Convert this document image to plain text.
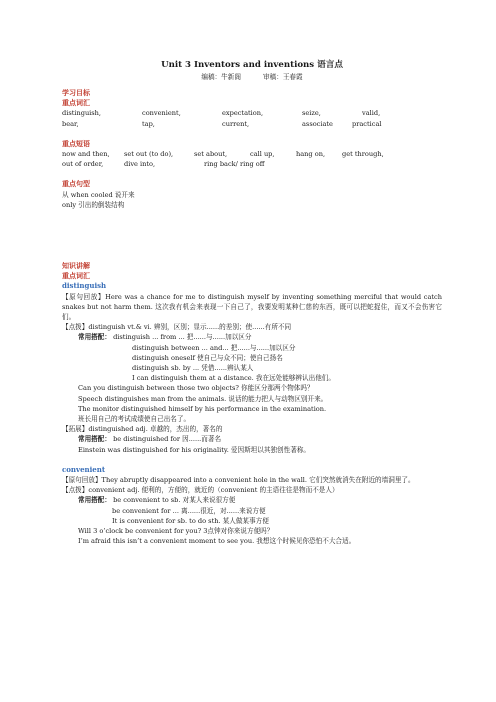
Unit 3 Inventors and inventions 语言点
编稿：牛新阁	审稿：王春霞
学习目标
重点词汇
distinguish,	convenient,	expectation,	seize,	valid,
bear,	tap,	current,	associate	practical
重点短语
now and then,	set out (to do),	set about,	call up,	hang on,	get through,
out of order,	dive into,	ring back/ ring off
重点句型
从 when cooled 说开来
only 引出的倒装结构
知识讲解
重点词汇
distinguish
【原句回放】Here was a chance for me to distinguish myself by inventing something merciful that would catch snakes but not harm them. 这次我有机会来表现一下自己了，我要发明某种仁慈的东西，既可以把蛇捉住，而又不会伤害它们。
【点拨】distinguish vt.& vi. 辨别，区别；显示......的差别；使......有所不同
常用搭配： distinguish ... from ... 把......与......加以区分
distinguish between ... and... 把......与......加以区分
distinguish oneself 使自己与众不同；使自己扬名
distinguish sb. by ... 凭借......辨认某人
I can distinguish them at a distance. 我在远处能够辨认出他们。
Can you distinguish between those two objects? 你能区分那两个物体吗？
Speech distinguishes man from the animals. 说话的能力把人与动物区别开来。
The monitor distinguished himself by his performance in the examination.
班长用自己的考试成绩使自己出名了。
【拓展】distinguished adj. 卓越的，杰出的，著名的
常用搭配： be distinguished for 因......而著名
Einstein was distinguished for his originality. 爱因斯坦以其独创性著称。
convenient
【原句回放】They abruptly disappeared into a convenient hole in the wall. 它们突然就消失在附近的墙洞里了。
【点拨】convenient adj. 便利的，方便的，就近的（convenient 的主语往往是物而不是人）
常用搭配： be convenient to sb. 对某人来说很方便
be convenient for ... 离......很近，对......来说方便
It is convenient for sb. to do sth. 某人做某事方便
Will 3 o’clock be convenient for you? 3点钟对你来说方便吗？
I’m afraid this isn’t a convenient moment to see you. 我想这个时候见你恐怕不大合适。
